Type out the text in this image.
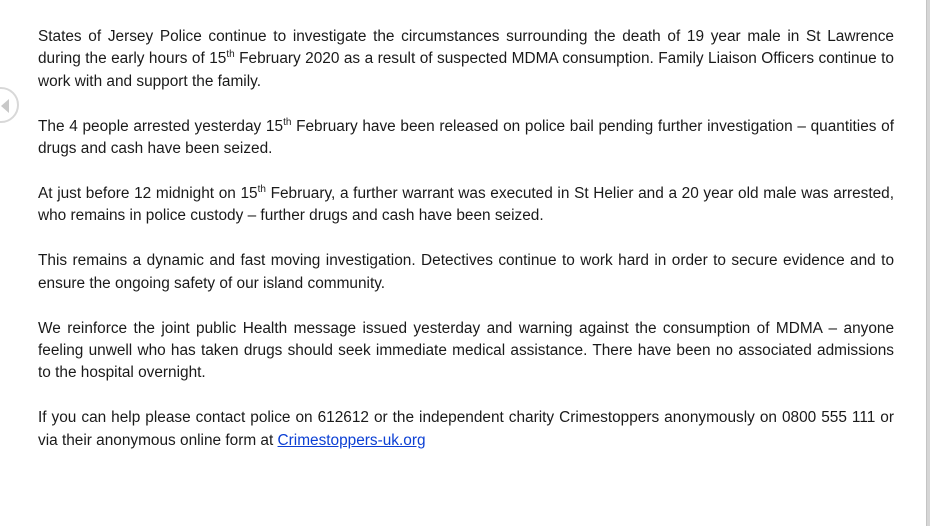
States of Jersey Police continue to investigate the circumstances surrounding the death of 19 year male in St Lawrence during the early hours of 15th February 2020 as a result of suspected MDMA consumption. Family Liaison Officers continue to work with and support the family.

The 4 people arrested yesterday 15th February have been released on police bail pending further investigation – quantities of drugs and cash have been seized.

At just before 12 midnight on 15th February, a further warrant was executed in St Helier and a 20 year old male was arrested, who remains in police custody – further drugs and cash have been seized.

This remains a dynamic and fast moving investigation. Detectives continue to work hard in order to secure evidence and to ensure the ongoing safety of our island community.

We reinforce the joint public Health message issued yesterday and warning against the consumption of MDMA – anyone feeling unwell who has taken drugs should seek immediate medical assistance. There have been no associated admissions to the hospital overnight.

If you can help please contact police on 612612 or the independent charity Crimestoppers anonymously on 0800 555 111 or via their anonymous online form at Crimestoppers-uk.org
